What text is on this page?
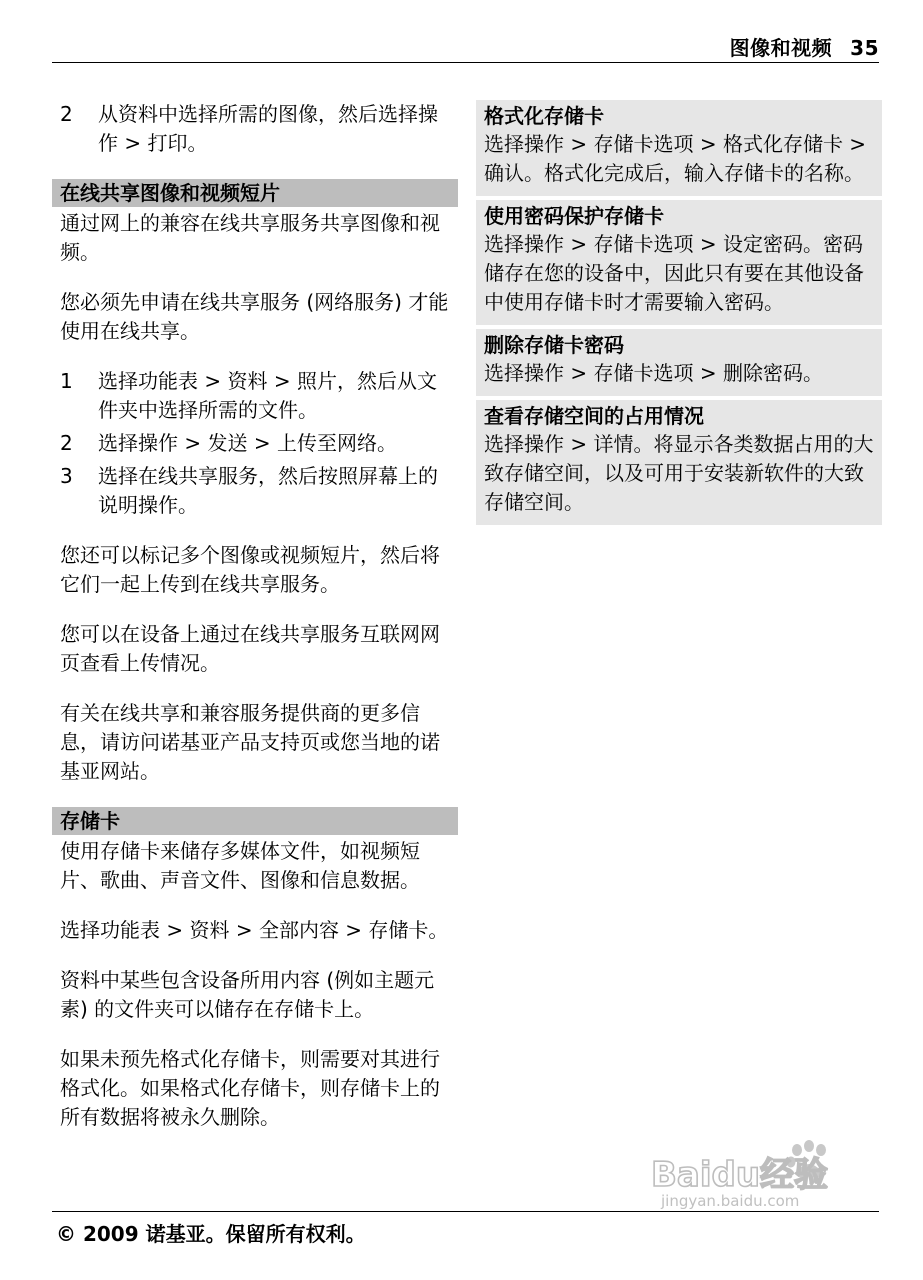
图像和视频 35
2	从资料中选择所需的图像，然后选择操作 > 打印。
在线共享图像和视频短片

通过网上的兼容在线共享服务共享图像和视频。

您必须先申请在线共享服务 (网络服务) 才能使用在线共享。

1	选择功能表 > 资料 > 照片，然后从文件夹中选择所需的文件。
2	选择操作 > 发送 > 上传至网络。
3	选择在线共享服务，然后按照屏幕上的说明操作。

您还可以标记多个图像或视频短片，然后将它们一起上传到在线共享服务。

您可以在设备上通过在线共享服务互联网网页查看上传情况。

有关在线共享和兼容服务提供商的更多信息，请访问诺基亚产品支持页或您当地的诺基亚网站。

存储卡

使用存储卡来储存多媒体文件，如视频短片、歌曲、声音文件、图像和信息数据。

选择功能表 > 资料 > 全部内容 > 存储卡。

资料中某些包含设备所用内容 (例如主题元素) 的文件夹可以储存在存储卡上。

如果未预先格式化存储卡，则需要对其进行格式化。如果格式化存储卡，则存储卡上的所有数据将被永久删除。

格式化存储卡

选择操作 > 存储卡选项 > 格式化存储卡 > 确认。格式化完成后，输入存储卡的名称。

使用密码保护存储卡

选择操作 > 存储卡选项 > 设定密码。密码储存在您的设备中，因此只有要在其他设备中使用存储卡时才需要输入密码。

删除存储卡密码

选择操作 > 存储卡选项 > 删除密码。

查看存储空间的占用情况

选择操作 > 详情。将显示各类数据占用的大致存储空间，以及可用于安装新软件的大致存储空间。

Baidu经验
jingyan.baidu.com
© 2009 诺基亚。保留所有权利。
